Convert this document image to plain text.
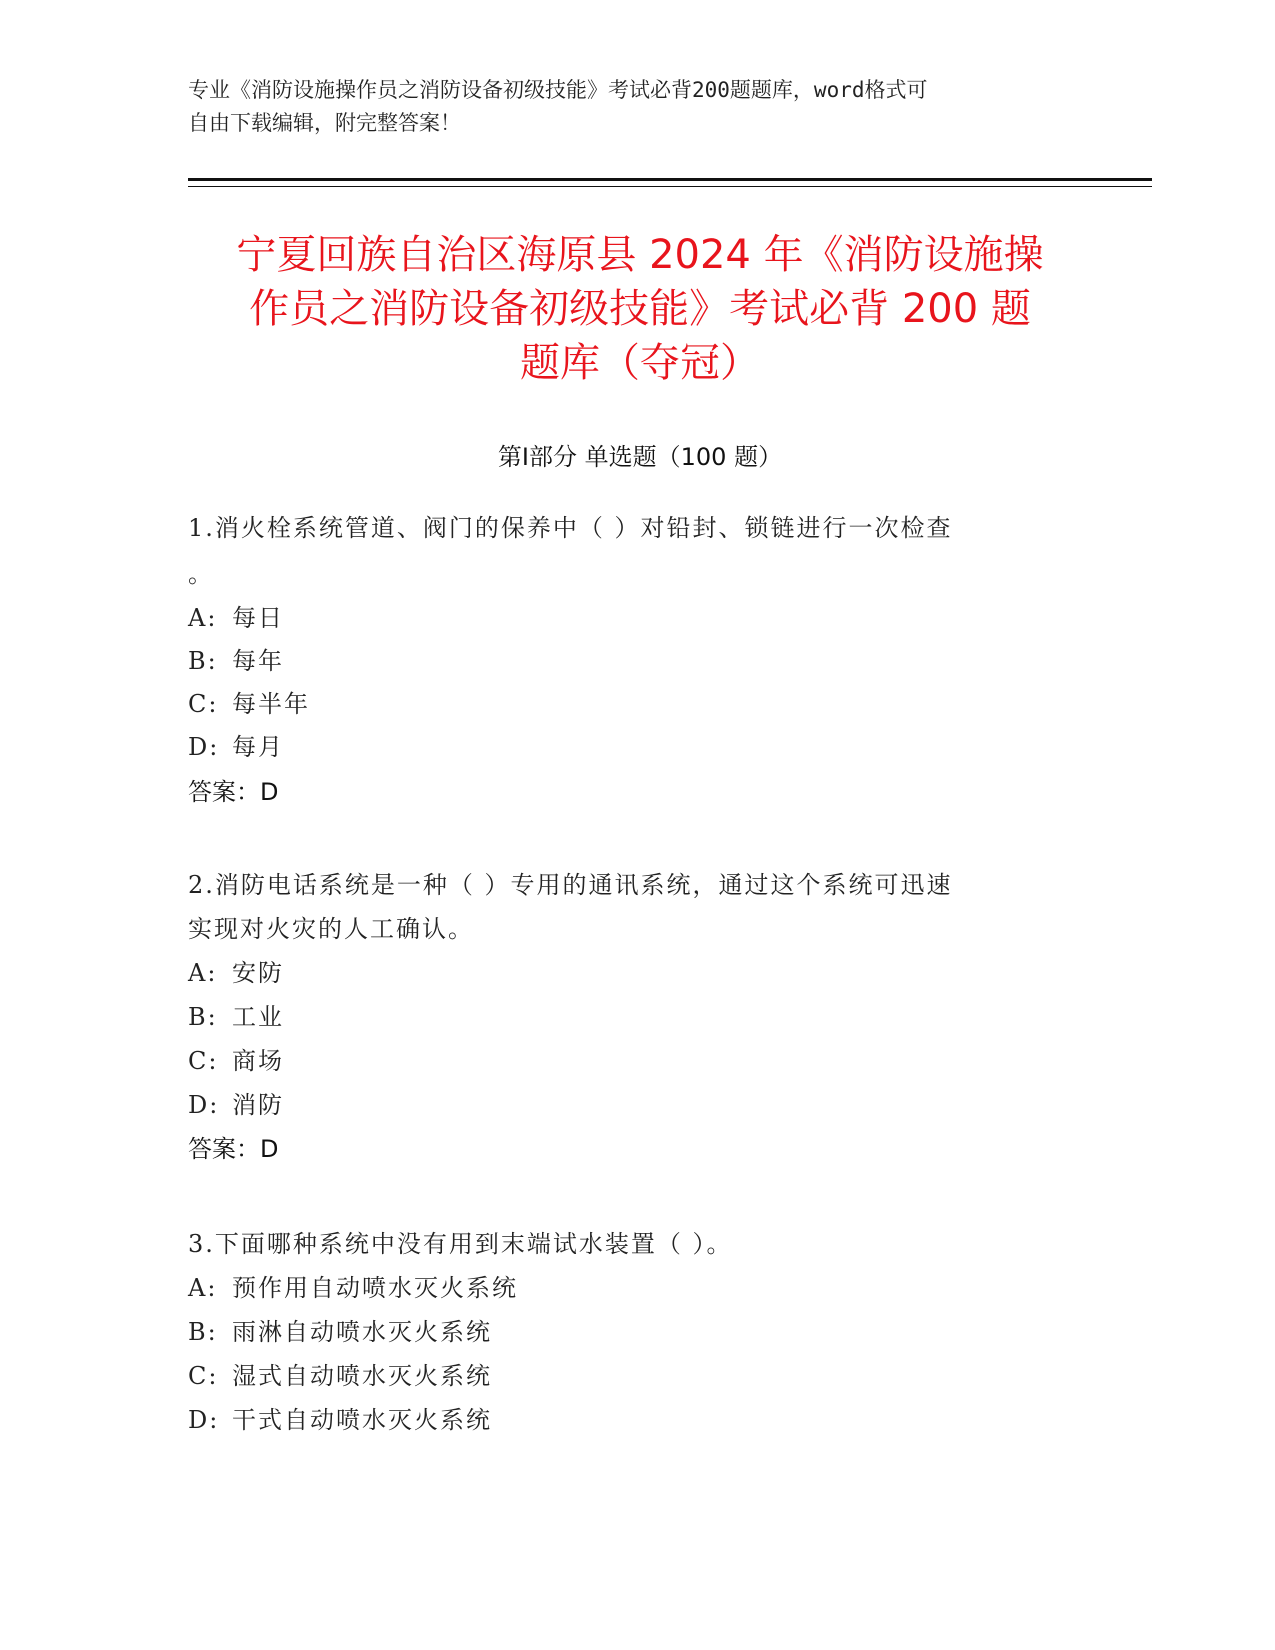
专业《消防设施操作员之消防设备初级技能》考试必背200题题库，word格式可
自由下载编辑，附完整答案！
宁夏回族自治区海原县 2024 年《消防设施操
作员之消防设备初级技能》考试必背 200 题
题库（夺冠）
第Ⅰ部分 单选题（100 题）
1.消火栓系统管道、阀门的保养中（ ）对铅封、锁链进行一次检查
。
A: 每日
B: 每年
C: 每半年
D: 每月
答案：D
2.消防电话系统是一种（ ）专用的通讯系统，通过这个系统可迅速
实现对火灾的人工确认。
A: 安防
B: 工业
C: 商场
D: 消防
答案：D
3.下面哪种系统中没有用到末端试水装置（ ）。
A: 预作用自动喷水灭火系统
B: 雨淋自动喷水灭火系统
C: 湿式自动喷水灭火系统
D: 干式自动喷水灭火系统
